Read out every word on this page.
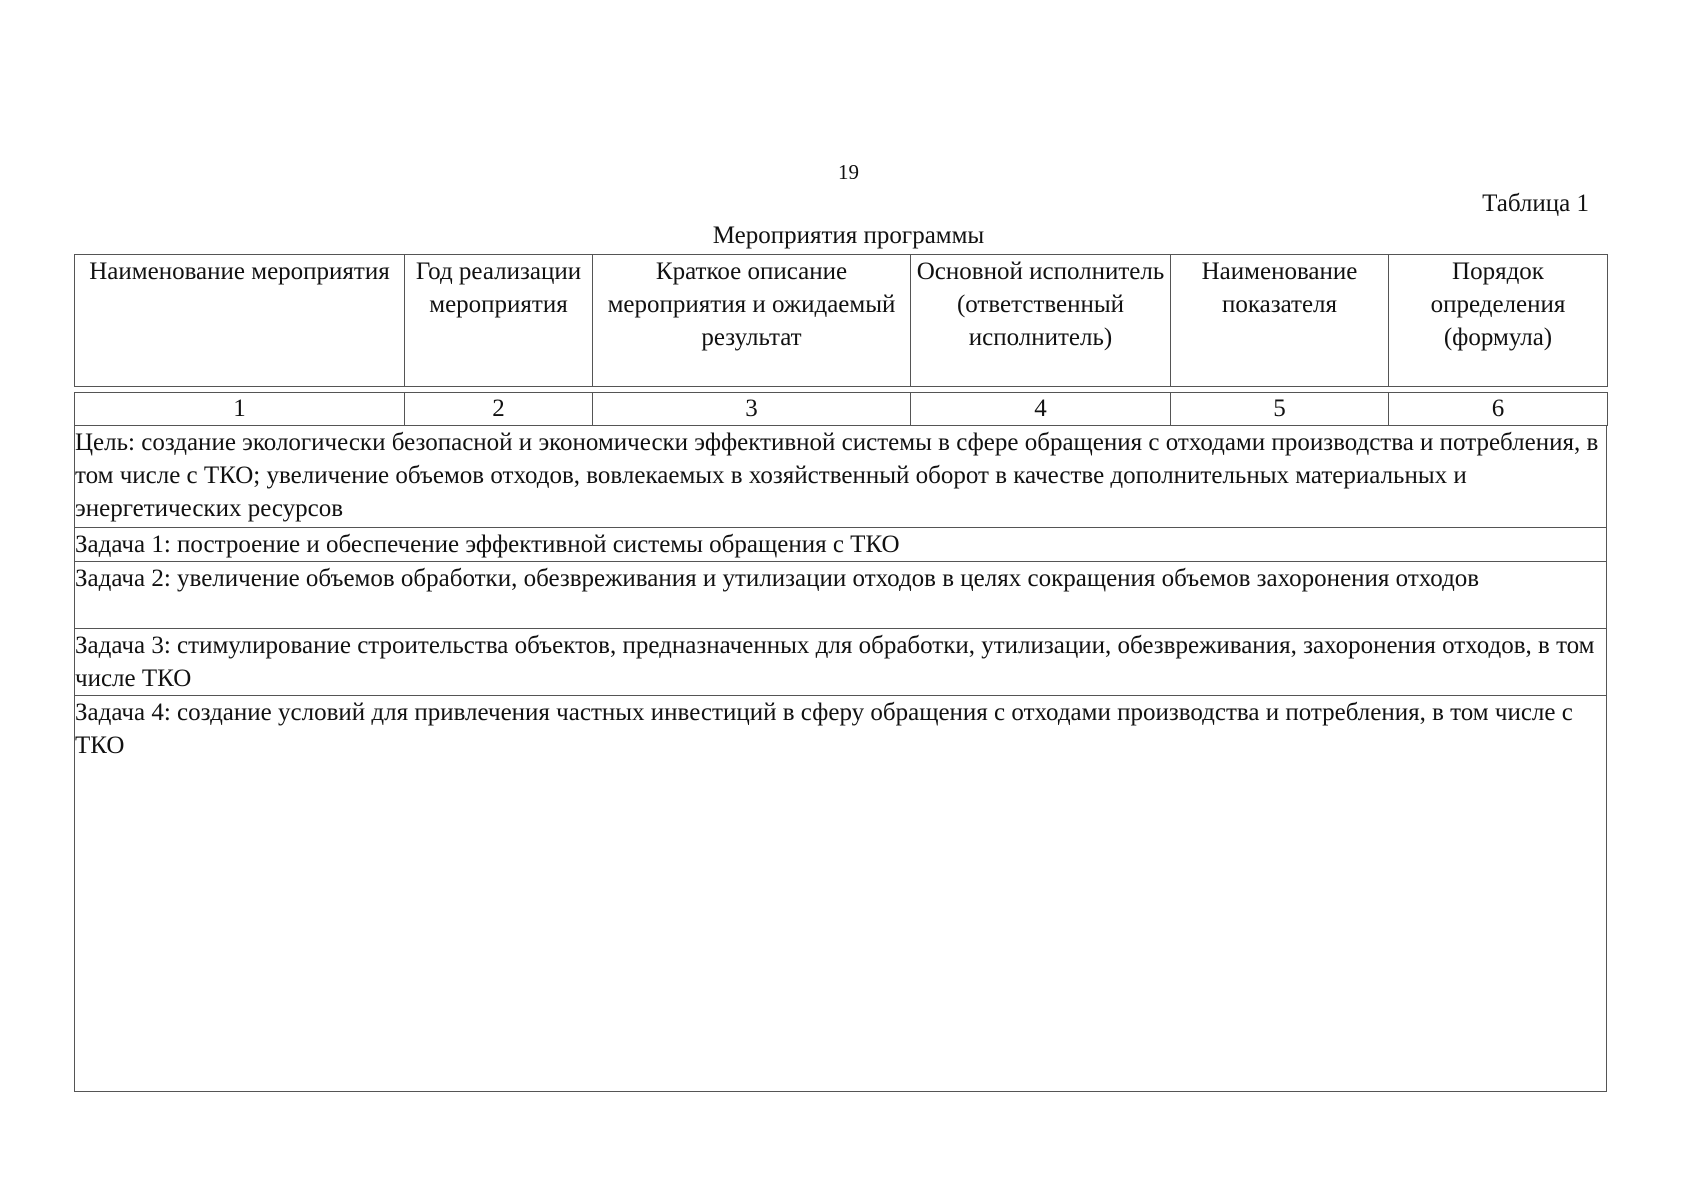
19
Таблица 1
Мероприятия программы
Наименование мероприятия	Год реализации мероприятия	Краткое описание мероприятия и ожидаемый результат	Основной исполнитель (ответственный исполнитель)	Наименование показателя	Порядок определения (формула)
1	2	3	4	5	6
Цель: создание экологически безопасной и экономически эффективной системы в сфере обращения с отходами производства и потребления, в том числе с ТКО; увеличение объемов отходов, вовлекаемых в хозяйственный оборот в качестве дополнительных материальных и энергетических ресурсов
Задача 1: построение и обеспечение эффективной системы обращения с ТКО
Задача 2: увеличение объемов обработки, обезвреживания и утилизации отходов в целях сокращения объемов захоронения отходов
Задача 3: стимулирование строительства объектов, предназначенных для обработки, утилизации, обезвреживания, захоронения отходов, в том числе ТКО
Задача 4: создание условий для привлечения частных инвестиций в сферу обращения с отходами производства и потребления, в том числе с ТКО
